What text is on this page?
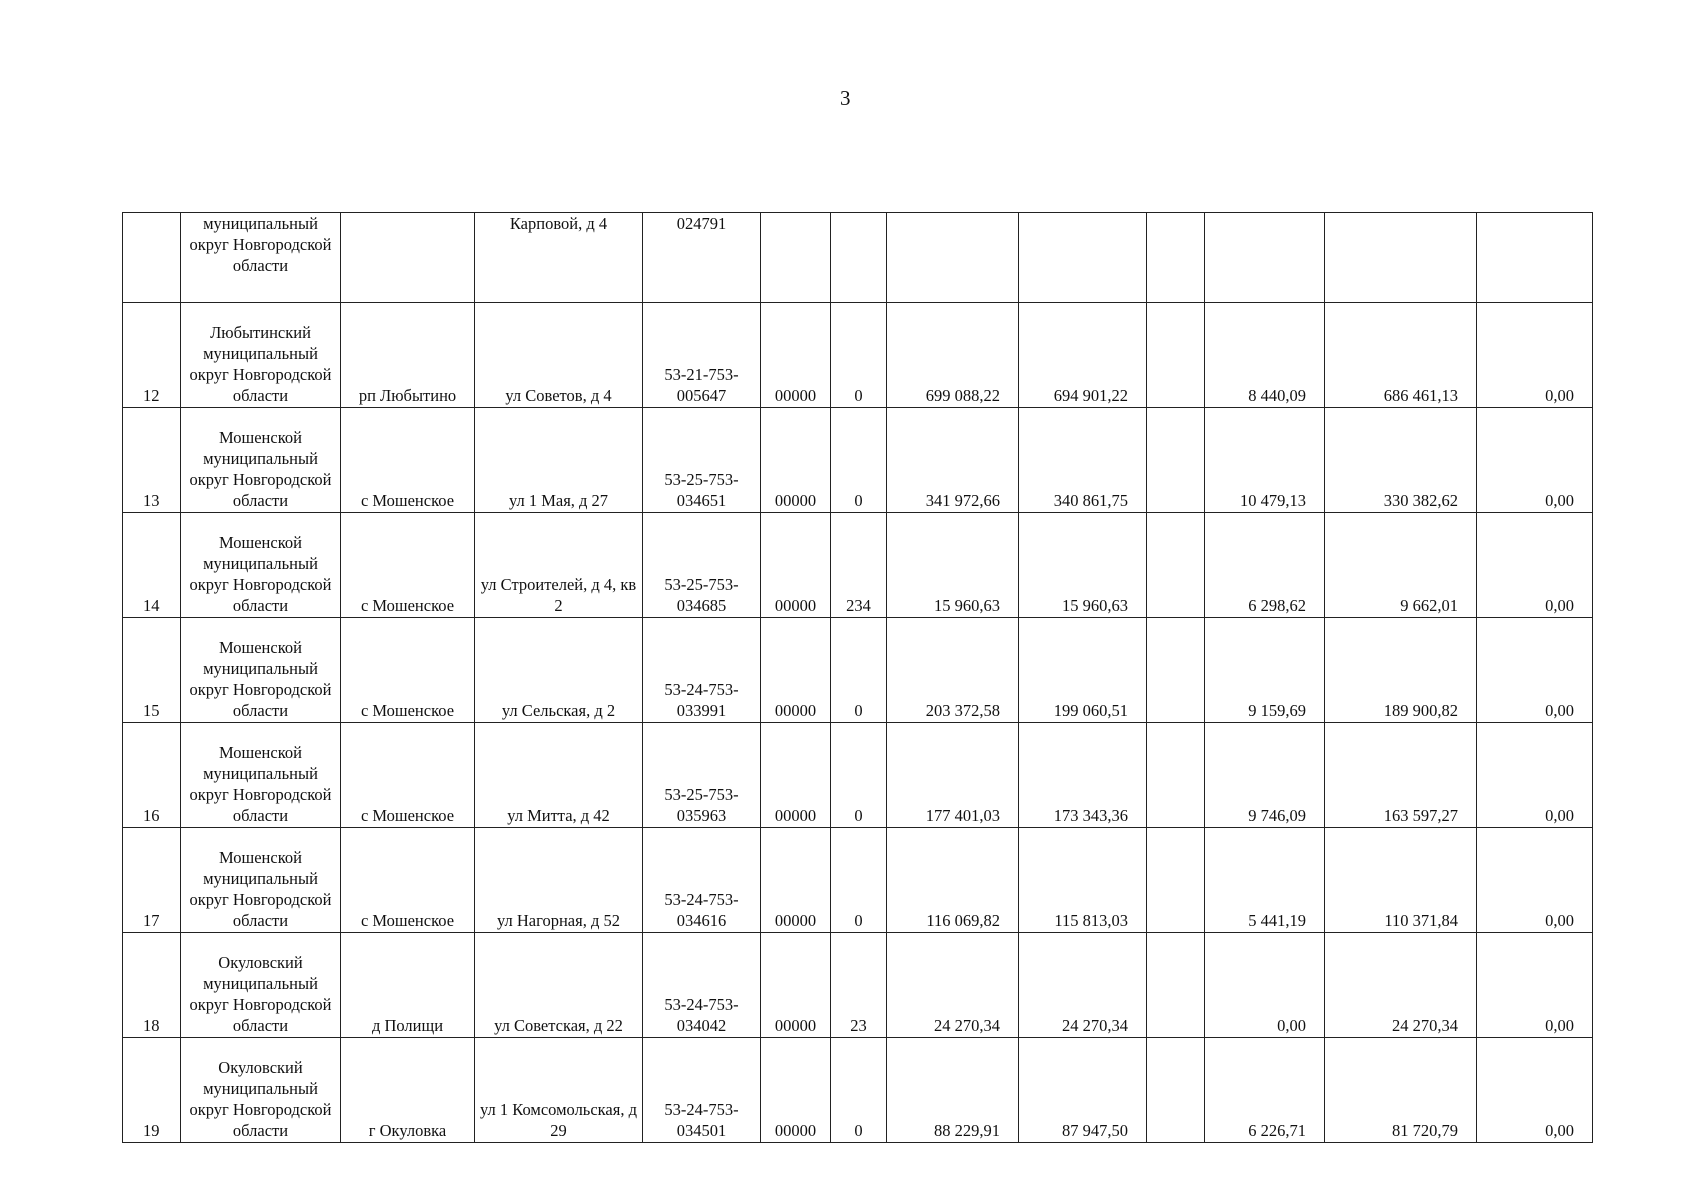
3
	муниципальный округ Новгородской области		Карповой, д 4	024791								
12	Любытинский муниципальный округ Новгородской области	рп Любытино	ул Советов, д 4	53-21-753-005647	00000	0	699 088,22	694 901,22		8 440,09	686 461,13	0,00
13	Мошенской муниципальный округ Новгородской области	с Мошенское	ул 1 Мая, д 27	53-25-753-034651	00000	0	341 972,66	340 861,75		10 479,13	330 382,62	0,00
14	Мошенской муниципальный округ Новгородской области	с Мошенское	ул Строителей, д 4, кв 2	53-25-753-034685	00000	234	15 960,63	15 960,63		6 298,62	9 662,01	0,00
15	Мошенской муниципальный округ Новгородской области	с Мошенское	ул Сельская, д 2	53-24-753-033991	00000	0	203 372,58	199 060,51		9 159,69	189 900,82	0,00
16	Мошенской муниципальный округ Новгородской области	с Мошенское	ул Митта, д 42	53-25-753-035963	00000	0	177 401,03	173 343,36		9 746,09	163 597,27	0,00
17	Мошенской муниципальный округ Новгородской области	с Мошенское	ул Нагорная, д 52	53-24-753-034616	00000	0	116 069,82	115 813,03		5 441,19	110 371,84	0,00
18	Окуловский муниципальный округ Новгородской области	д Полищи	ул Советская, д 22	53-24-753-034042	00000	23	24 270,34	24 270,34		0,00	24 270,34	0,00
19	Окуловский муниципальный округ Новгородской области	г Окуловка	ул 1 Комсомольская, д 29	53-24-753-034501	00000	0	88 229,91	87 947,50		6 226,71	81 720,79	0,00
